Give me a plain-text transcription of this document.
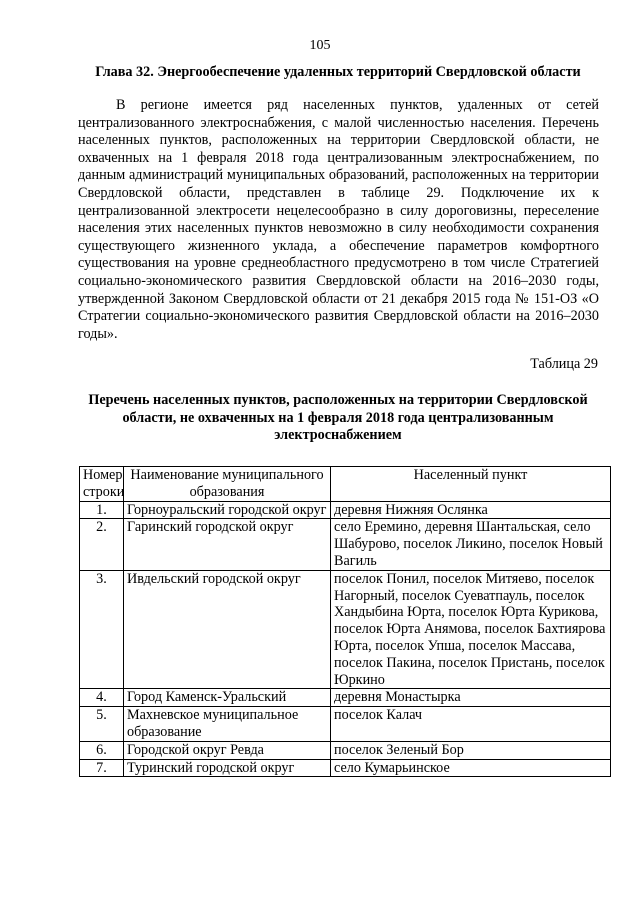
105
Глава 32. Энергообеспечение удаленных территорий Свердловской области

В регионе имеется ряд населенных пунктов, удаленных от сетей централизованного электроснабжения, с малой численностью населения. Перечень населенных пунктов, расположенных на территории Свердловской области, не охваченных на 1 февраля 2018 года централизованным электроснабжением, по данным администраций муниципальных образований, расположенных на территории Свердловской области, представлен в таблице 29. Подключение их к централизованной электросети нецелесообразно в силу дороговизны, переселение населения этих населенных пунктов невозможно в силу необходимости сохранения существующего жизненного уклада, а обеспечение параметров комфортного существования на уровне среднеобластного предусмотрено в том числе Стратегией социально-экономического развития Свердловской области на 2016–2030 годы, утвержденной Законом Свердловской области от 21 декабря 2015 года № 151-ОЗ «О Стратегии социально-экономического развития Свердловской области на 2016–2030 годы».

Таблица 29
Перечень населенных пунктов, расположенных на территории Свердловской области, не охваченных на 1 февраля 2018 года централизованным электроснабжением
Номер строки	Наименование муниципального образования	Населенный пункт
1.	Горноуральский городской округ	деревня Нижняя Ослянка
2.	Гаринский городской округ	село Еремино, деревня Шантальская, село Шабурово, поселок Ликино, поселок Новый Вагиль
3.	Ивдельский городской округ	поселок Понил, поселок Митяево, поселок Нагорный, поселок Суеватпауль, поселок Хандыбина Юрта, поселок Юрта Курикова, поселок Юрта Анямова, поселок Бахтиярова Юрта, поселок Упша, поселок Массава, поселок Пакина, поселок Пристань, поселок Юркино
4.	Город Каменск-Уральский	деревня Монастырка
5.	Махневское муниципальное образование	поселок Калач
6.	Городской округ Ревда	поселок Зеленый Бор
7.	Туринский городской округ	село Кумарьинское
